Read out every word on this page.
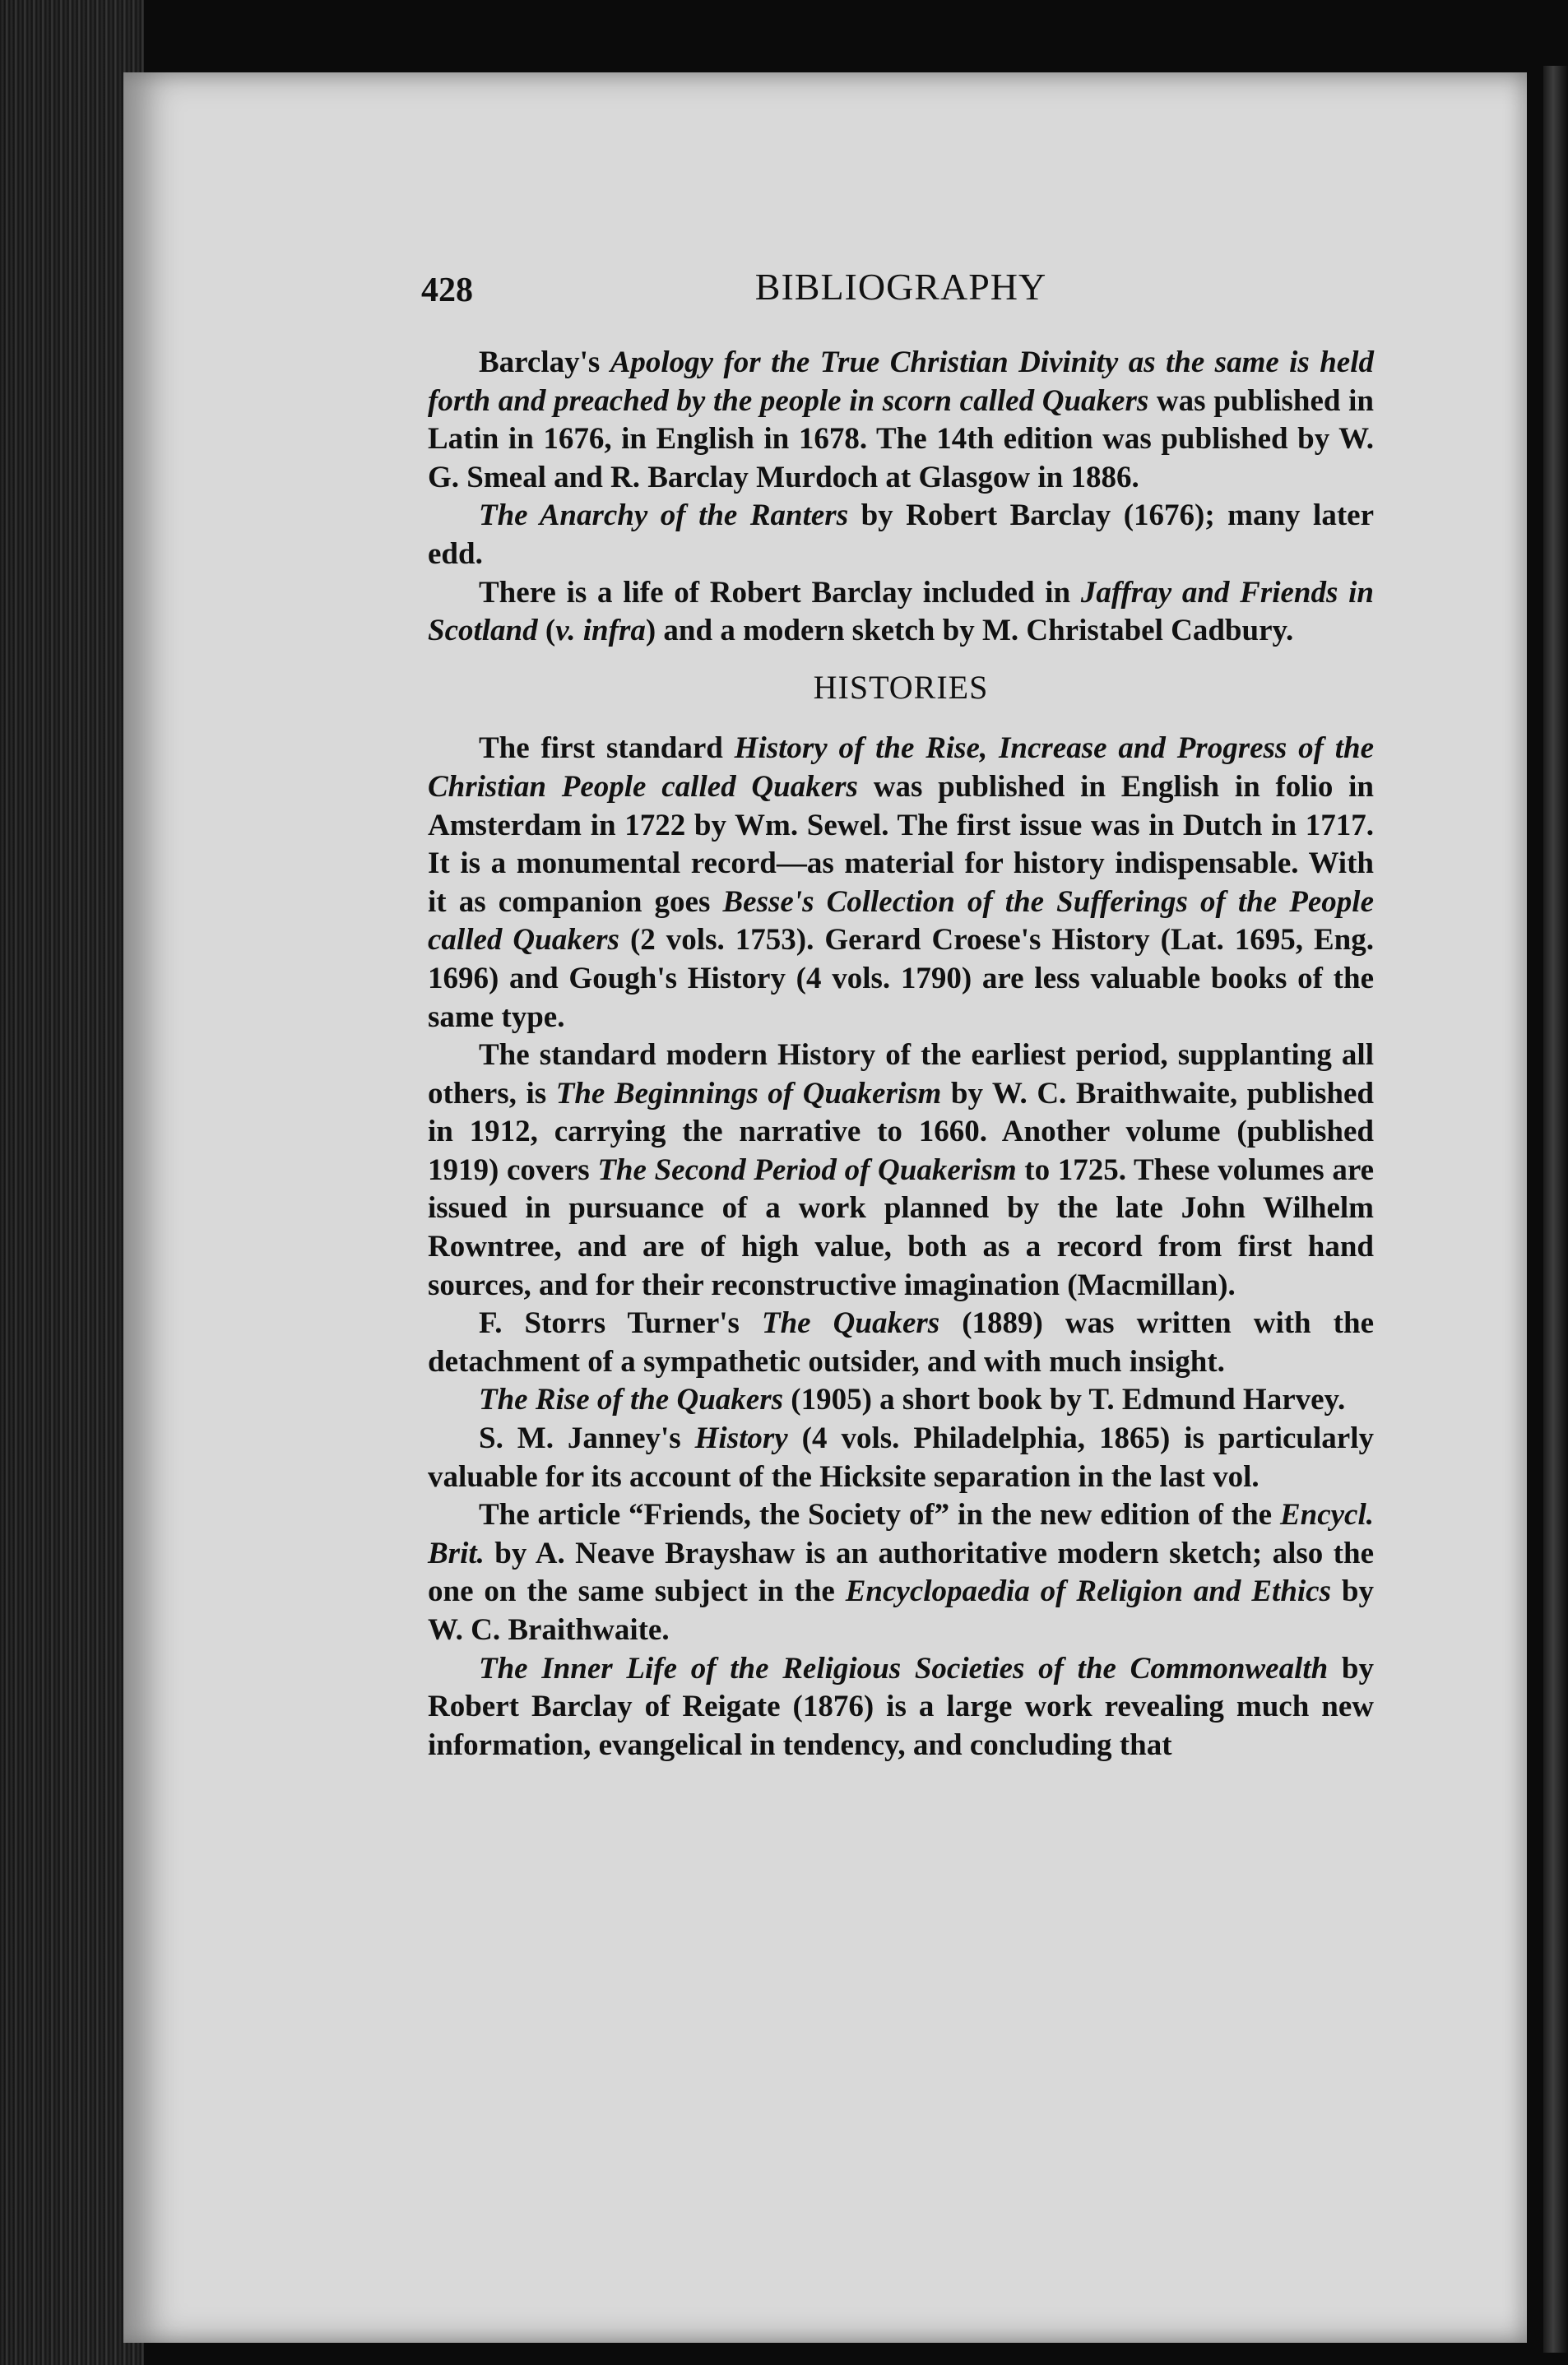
428	BIBLIOGRAPHY

Barclay's Apology for the True Christian Divinity as the same is held forth and preached by the people in scorn called Quakers was published in Latin in 1676, in English in 1678. The 14th edition was published by W. G. Smeal and R. Barclay Murdoch at Glasgow in 1886.

The Anarchy of the Ranters by Robert Barclay (1676); many later edd.

There is a life of Robert Barclay included in Jaffray and Friends in Scotland (v. infra) and a modern sketch by M. Christabel Cadbury.

HISTORIES

The first standard History of the Rise, Increase and Progress of the Christian People called Quakers was published in English in folio in Amsterdam in 1722 by Wm. Sewel. The first issue was in Dutch in 1717. It is a monumental record—as material for history indispensable. With it as companion goes Besse's Collection of the Sufferings of the People called Quakers (2 vols. 1753). Gerard Croese's History (Lat. 1695, Eng. 1696) and Gough's History (4 vols. 1790) are less valuable books of the same type.

The standard modern History of the earliest period, supplanting all others, is The Beginnings of Quakerism by W. C. Braithwaite, published in 1912, carrying the narrative to 1660. Another volume (published 1919) covers The Second Period of Quakerism to 1725. These volumes are issued in pursuance of a work planned by the late John Wilhelm Rowntree, and are of high value, both as a record from first hand sources, and for their reconstructive imagination (Macmillan).

F. Storrs Turner's The Quakers (1889) was written with the detachment of a sympathetic outsider, and with much insight.

The Rise of the Quakers (1905) a short book by T. Edmund Harvey.

S. M. Janney's History (4 vols. Philadelphia, 1865) is particularly valuable for its account of the Hicksite separation in the last vol.

The article “Friends, the Society of” in the new edition of the Encycl. Brit. by A. Neave Brayshaw is an authoritative modern sketch; also the one on the same subject in the Encyclopaedia of Religion and Ethics by W. C. Braithwaite.

The Inner Life of the Religious Societies of the Commonwealth by Robert Barclay of Reigate (1876) is a large work revealing much new information, evangelical in tendency, and concluding that
